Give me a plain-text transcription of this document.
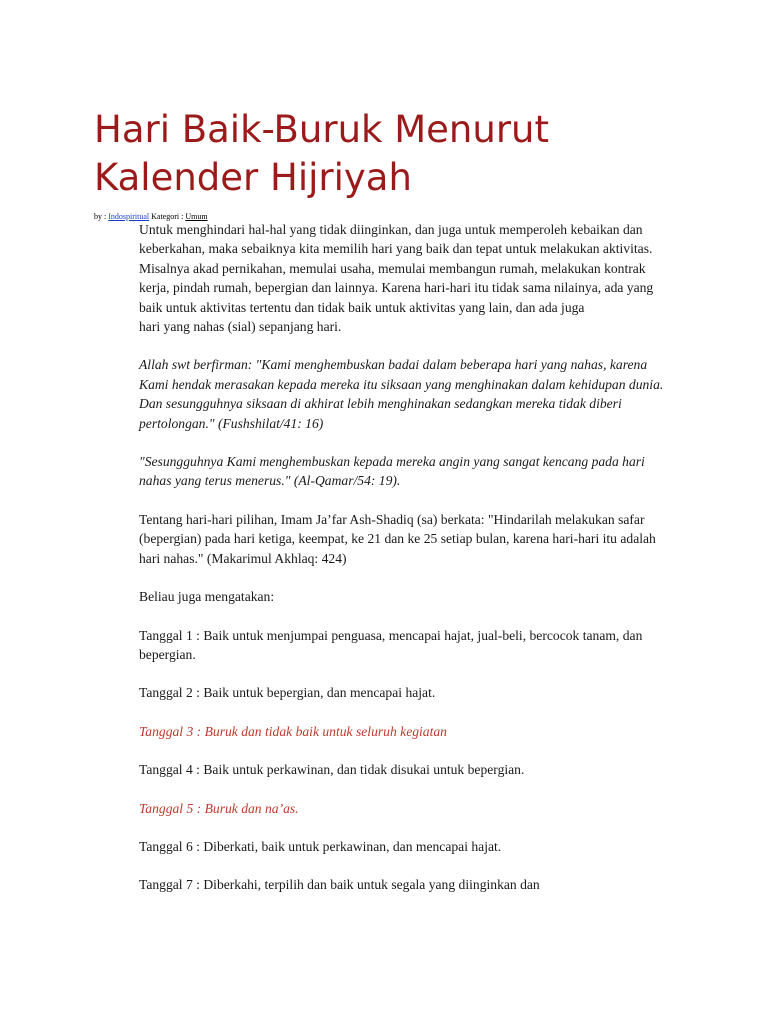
Hari Baik-Buruk Menurut
Kalender Hijriyah
by : Indospiritual Kategori : Umum

Untuk menghindari hal-hal yang tidak diinginkan, dan juga untuk memperoleh kebaikan dan keberkahan, maka sebaiknya kita memilih hari yang baik dan tepat untuk melakukan aktivitas. Misalnya akad pernikahan, memulai usaha, memulai membangun rumah, melakukan kontrak kerja, pindah rumah, bepergian dan lainnya. Karena hari-hari itu tidak sama nilainya, ada yang baik untuk aktivitas tertentu dan tidak baik untuk aktivitas yang lain, dan ada juga
hari yang nahas (sial) sepanjang hari.

Allah swt berfirman: "Kami menghembuskan badai dalam beberapa hari yang nahas, karena Kami hendak merasakan kepada mereka itu siksaan yang menghinakan dalam kehidupan dunia. Dan sesungguhnya siksaan di akhirat lebih menghinakan sedangkan mereka tidak diberi pertolongan." (Fushshilat/41: 16)

"Sesungguhnya Kami menghembuskan kepada mereka angin yang sangat kencang pada hari nahas yang terus menerus." (Al-Qamar/54: 19).

Tentang hari-hari pilihan, Imam Ja’far Ash-Shadiq (sa) berkata: "Hindarilah melakukan safar (bepergian) pada hari ketiga, keempat, ke 21 dan ke 25 setiap bulan, karena hari-hari itu adalah hari nahas." (Makarimul Akhlaq: 424)

Beliau juga mengatakan:

Tanggal 1 : Baik untuk menjumpai penguasa, mencapai hajat, jual-beli, bercocok tanam, dan bepergian.

Tanggal 2 : Baik untuk bepergian, dan mencapai hajat.

Tanggal 3 : Buruk dan tidak baik untuk seluruh kegiatan

Tanggal 4 : Baik untuk perkawinan, dan tidak disukai untuk bepergian.

Tanggal 5 : Buruk dan na’as.

Tanggal 6 : Diberkati, baik untuk perkawinan, dan mencapai hajat.

Tanggal 7 : Diberkahi, terpilih dan baik untuk segala yang diinginkan dan
